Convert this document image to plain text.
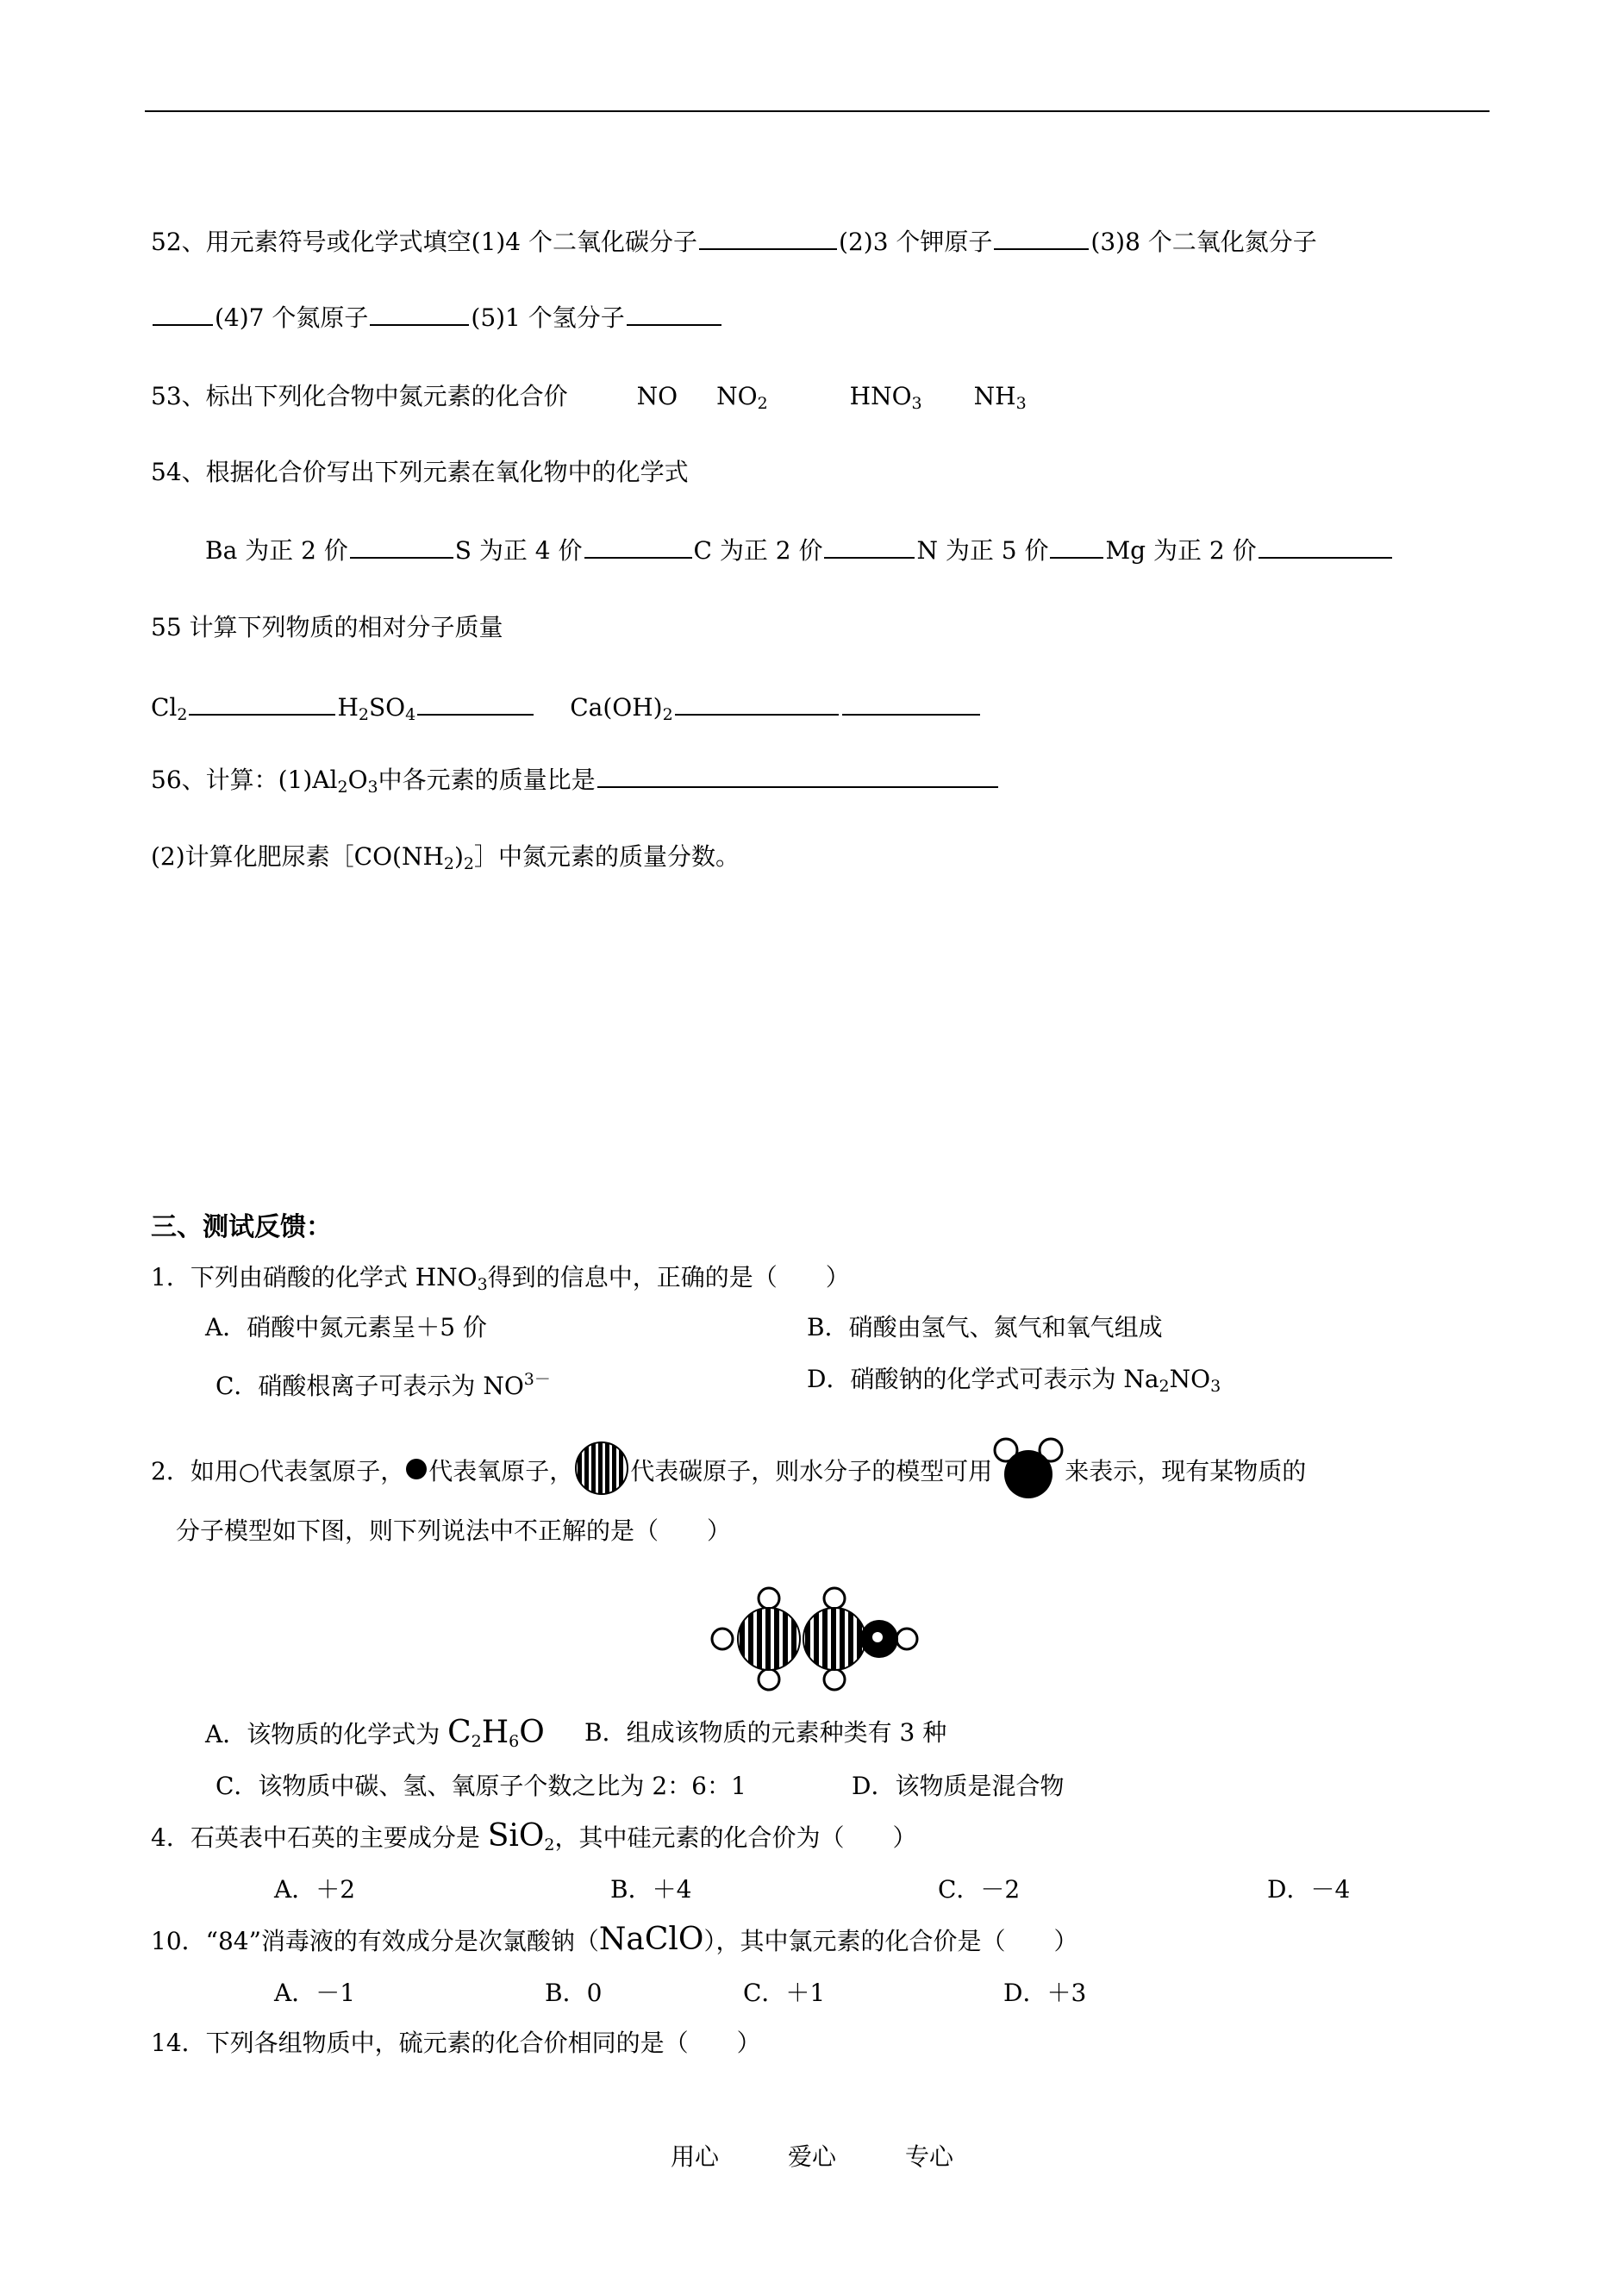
52、用元素符号或化学式填空(1)4 个二氧化碳分子	(2)3 个钾原子	(3)8 个二氧化氮分子
(4)7 个氮原子	(5)1 个氢分子
53、标出下列化合物中氮元素的化合价	NO $NO_2$	$HNO_3$ $NH_3$
54、根据化合价写出下列元素在氧化物中的化学式
Ba 为正 2 价	S 为正 4 价	C 为正 2 价	N 为正 5 价 Mg 为正 2 价
55 计算下列物质的相对分子质量
$Cl_2$	$H_2SO_4$	$Ca(OH)_2$
56、计算：$(1)Al_2O_3$中各元素的质量比是
(2)计算化肥尿素$[CO(NH_2)_2]$中氮元素的质量分数。
三、测试反馈：
1．下列由硝酸的化学式 $HNO_3$得到的信息中，正确的是（　　）
A．硝酸中氮元素呈＋5 价	B．硝酸由氢气、氮气和氧气组成
C．硝酸根离子可表示为 $NO^{3-}$	D．硝酸钠的化学式可表示为 $Na_2NO_3$
2．如用○代表氢原子， 代表氧原子， 代表碳原子，则水分子的模型可用	来表示，现有某物质的
分子模型如下图，则下列说法中不正解的是（　　）
A．该物质的化学式为 $C_2H_6O$ B．组成该物质的元素种类有 3 种
C．该物质中碳、氢、氧原子个数之比为 2：6：1	D．该物质是混合物
4．石英表中石英的主要成分是 SiO$_2$，其中硅元素的化合价为（　　）
A．＋2	B．＋4	C．－2	D．－4
10．“84”消毒液的有效成分是次氯酸钠（NaClO），其中氯元素的化合价是（　　）
A．－1	B．0	C．＋1	D．＋3
14．下列各组物质中，硫元素的化合价相同的是（　　）
用心	爱心	专心
